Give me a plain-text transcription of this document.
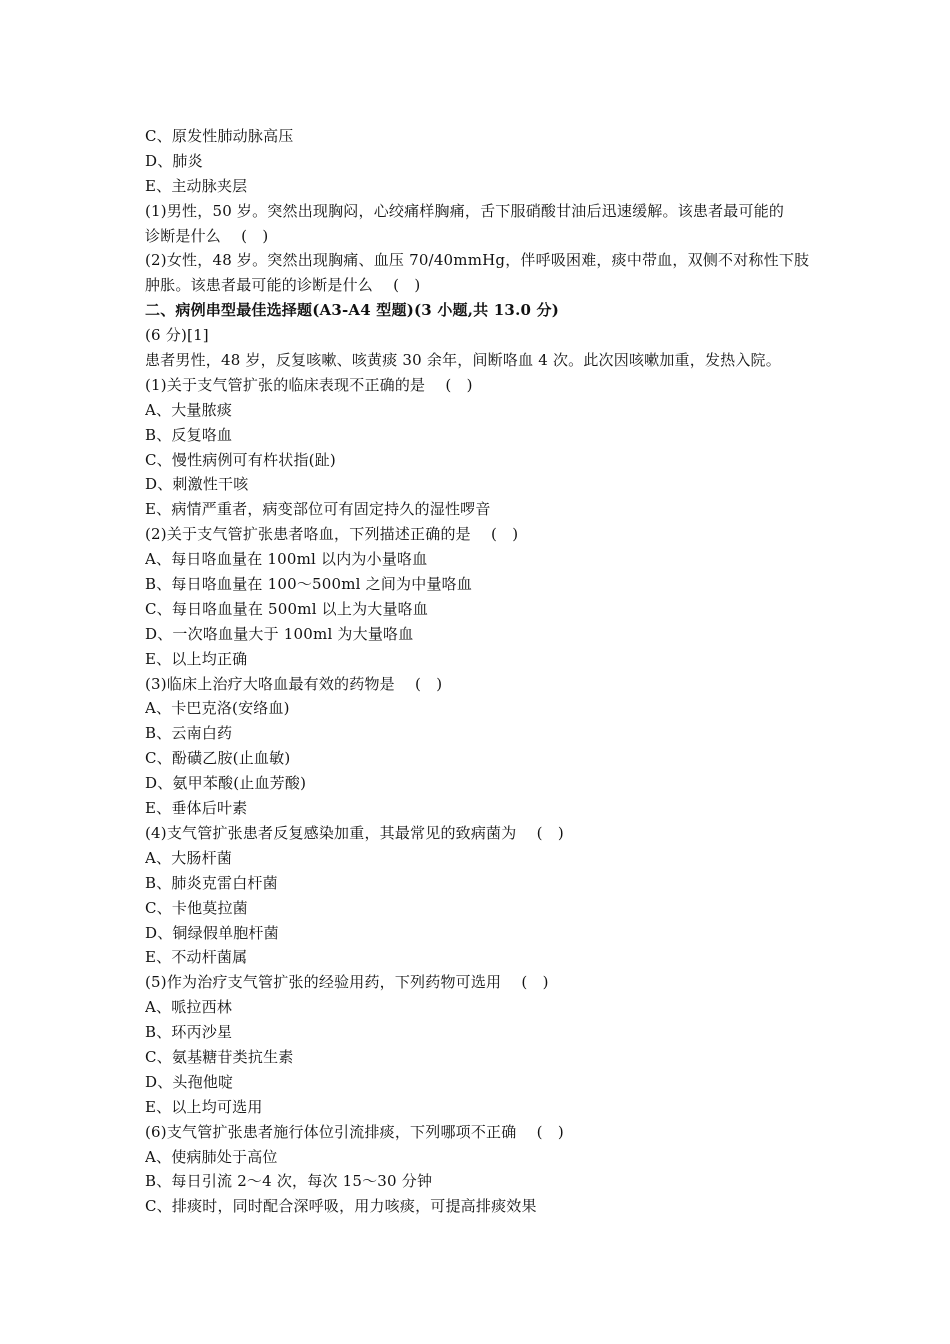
C、原发性肺动脉高压
D、肺炎
E、主动脉夹层
(1)男性，50 岁。突然出现胸闷，心绞痛样胸痛，舌下服硝酸甘油后迅速缓解。该患者最可能的
诊断是什么　 (　)
(2)女性，48 岁。突然出现胸痛、血压 70/40mmHg，伴呼吸困难，痰中带血，双侧不对称性下肢
肿胀。该患者最可能的诊断是什么　 (　)
二、病例串型最佳选择题(A3-A4 型题)(3 小题,共 13.0 分)
(6 分)[1]
患者男性，48 岁，反复咳嗽、咳黄痰 30 余年，间断咯血 4 次。此次因咳嗽加重，发热入院。
(1)关于支气管扩张的临床表现不正确的是　 (　)
A、大量脓痰
B、反复咯血
C、慢性病例可有杵状指(趾)
D、刺激性干咳
E、病情严重者，病变部位可有固定持久的湿性啰音
(2)关于支气管扩张患者咯血，下列描述正确的是　 (　)
A、每日咯血量在 100ml 以内为小量咯血
B、每日咯血量在 100～500ml 之间为中量咯血
C、每日咯血量在 500ml 以上为大量咯血
D、一次咯血量大于 100ml 为大量咯血
E、以上均正确
(3)临床上治疗大咯血最有效的药物是　 (　)
A、卡巴克洛(安络血)
B、云南白药
C、酚磺乙胺(止血敏)
D、氨甲苯酸(止血芳酸)
E、垂体后叶素
(4)支气管扩张患者反复感染加重，其最常见的致病菌为　 (　)
A、大肠杆菌
B、肺炎克雷白杆菌
C、卡他莫拉菌
D、铜绿假单胞杆菌
E、不动杆菌属
(5)作为治疗支气管扩张的经验用药，下列药物可选用　 (　)
A、哌拉西林
B、环丙沙星
C、氨基糖苷类抗生素
D、头孢他啶
E、以上均可选用
(6)支气管扩张患者施行体位引流排痰，下列哪项不正确　 (　)
A、使病肺处于高位
B、每日引流 2～4 次，每次 15～30 分钟
C、排痰时，同时配合深呼吸，用力咳痰，可提高排痰效果
